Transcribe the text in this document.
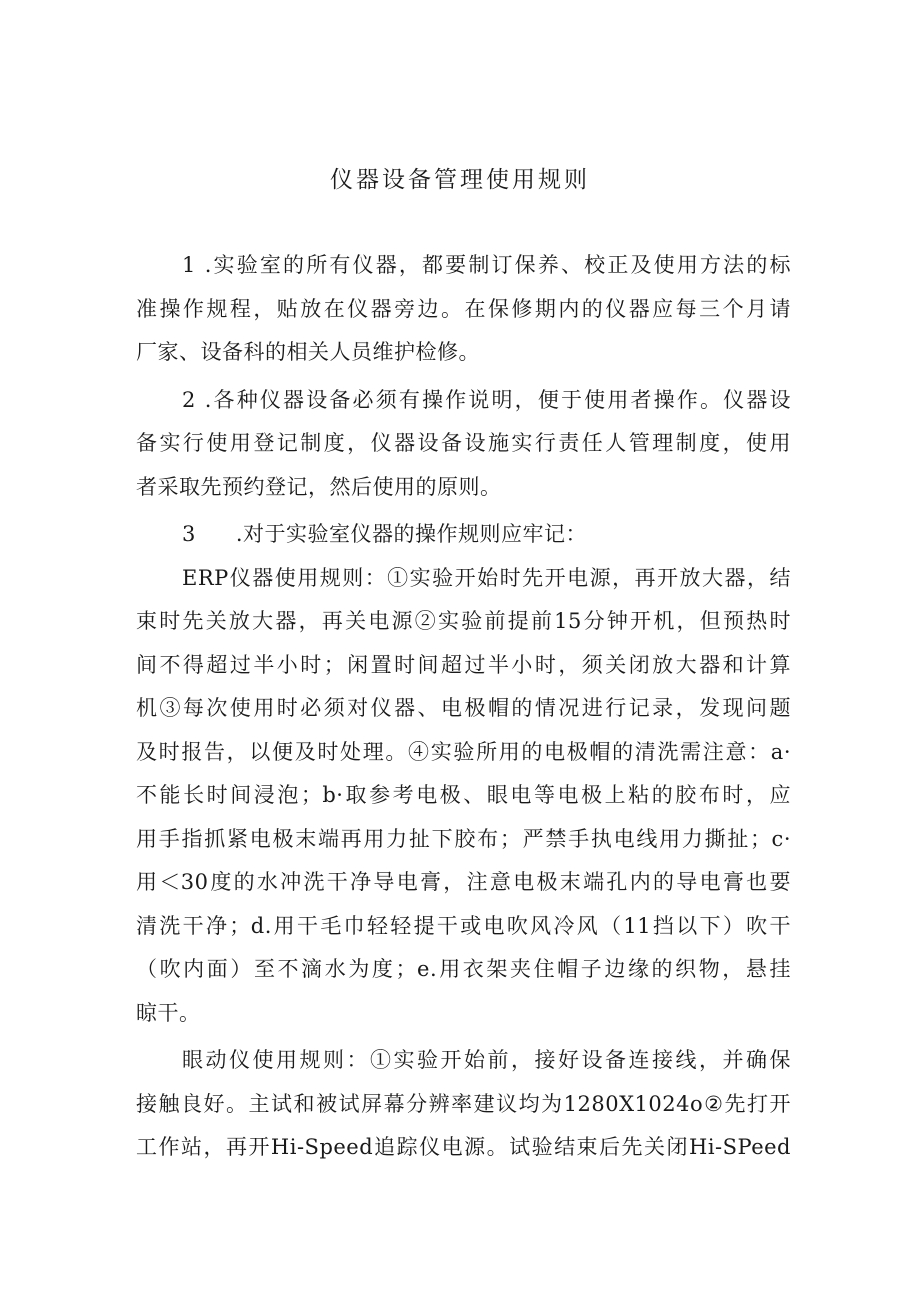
仪器设备管理使用规则
1 .实验室的所有仪器，都要制订保养、校正及使用方法的标
准操作规程，贴放在仪器旁边。在保修期内的仪器应每三个月请
厂家、设备科的相关人员维护检修。
2 .各种仪器设备必须有操作说明，便于使用者操作。仪器设
备实行使用登记制度，仪器设备设施实行责任人管理制度，使用
者采取先预约登记，然后使用的原则。
3 .对于实验室仪器的操作规则应牢记：
ERP仪器使用规则：①实验开始时先开电源，再开放大器，结
束时先关放大器，再关电源②实验前提前15分钟开机，但预热时
间不得超过半小时；闲置时间超过半小时，须关闭放大器和计算
机③每次使用时必须对仪器、电极帽的情况进行记录，发现问题
及时报告，以便及时处理。④实验所用的电极帽的清洗需注意：a·
不能长时间浸泡；b·取参考电极、眼电等电极上粘的胶布时，应
用手指抓紧电极末端再用力扯下胶布；严禁手执电线用力撕扯；c·
用＜30度的水冲洗干净导电膏，注意电极末端孔内的导电膏也要
清洗干净；d.用干毛巾轻轻提干或电吹风冷风（11挡以下）吹干
（吹内面）至不滴水为度；e.用衣架夹住帽子边缘的织物，悬挂
晾干。
眼动仪使用规则：①实验开始前，接好设备连接线，并确保
接触良好。主试和被试屏幕分辨率建议均为1280X1024o②先打开
工作站，再开Hi-Speed追踪仪电源。试验结束后先关闭Hi-SPeed
